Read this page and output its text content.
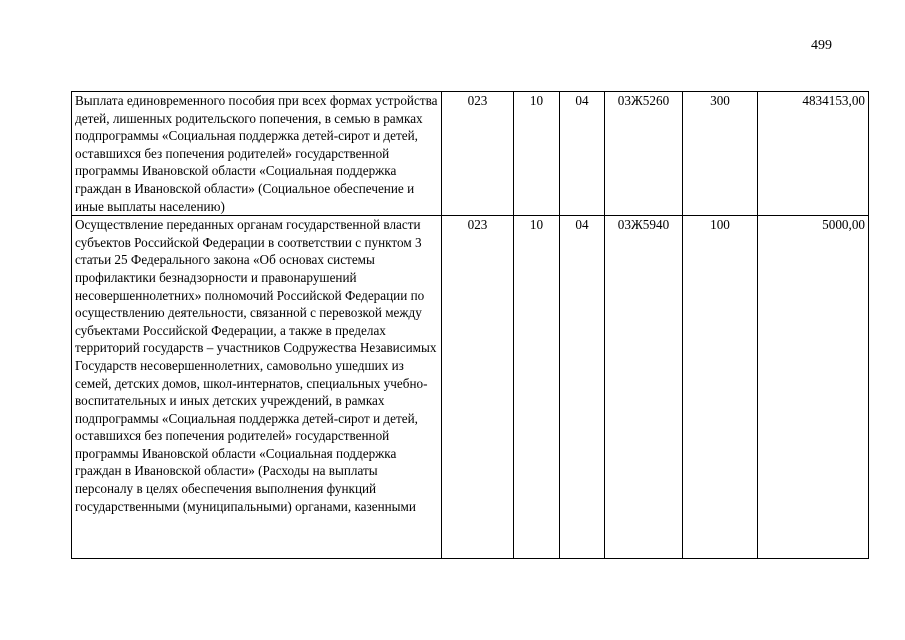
499
Выплата единовременного пособия при всех формах устройства детей, лишенных родительского попечения, в семью в рамках подпрограммы «Социальная поддержка детей-сирот и детей, оставшихся без попечения родителей» государственной программы Ивановской области «Социальная поддержка граждан в Ивановской области» (Социальное обеспечение и иные выплаты населению)	023	10	04	03Ж5260	300	4834153,00
Осуществление переданных органам государственной власти субъектов Российской Федерации в соответствии с пунктом 3 статьи 25 Федерального закона «Об основах системы профилактики безнадзорности и правонарушений несовершеннолетних» полномочий Российской Федерации по осуществлению деятельности, связанной с перевозкой между субъектами Российской Федерации, а также в пределах территорий государств – участников Содружества Независимых Государств несовершеннолетних, самовольно ушедших из семей, детских домов, школ-интернатов, специальных учебно-воспитательных и иных детских учреждений, в рамках подпрограммы «Социальная поддержка детей-сирот и детей, оставшихся без попечения родителей» государственной программы Ивановской области «Социальная поддержка граждан в Ивановской области» (Расходы на выплаты персоналу в целях обеспечения выполнения функций государственными (муниципальными) органами, казенными	023	10	04	03Ж5940	100	5000,00
